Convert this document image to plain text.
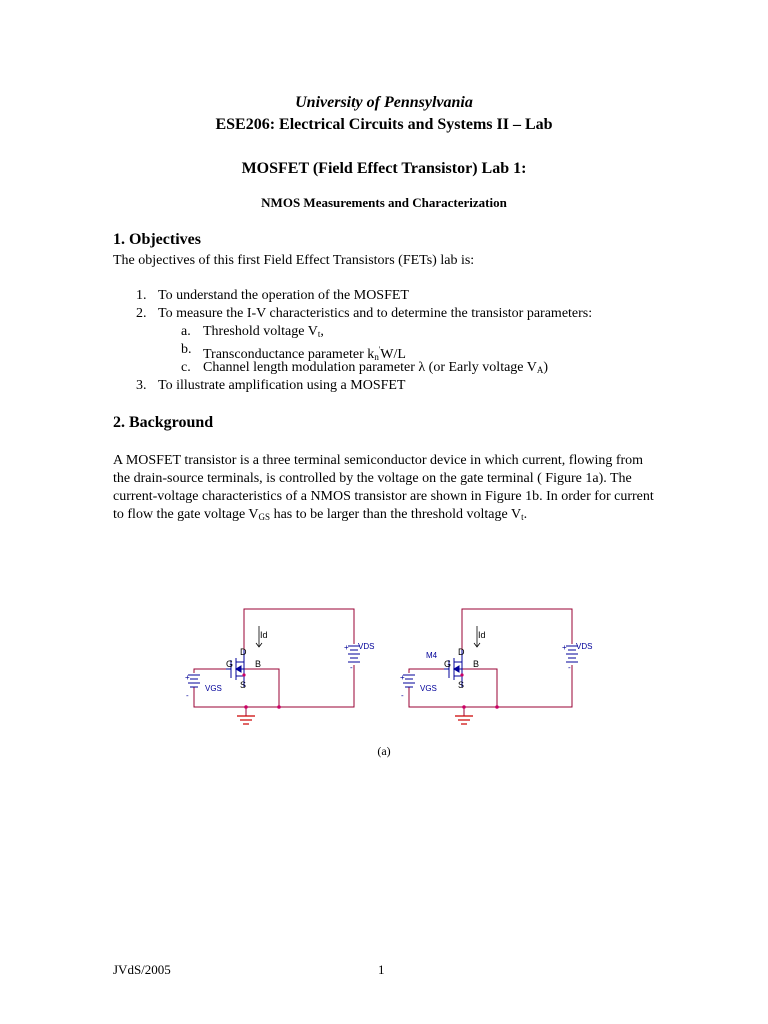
University of Pennsylvania
ESE206: Electrical Circuits and Systems II – Lab
MOSFET (Field Effect Transistor) Lab 1:
NMOS Measurements and Characterization
1. Objectives
The objectives of this first Field Effect Transistors (FETs) lab is:
1. To understand the operation of the MOSFET
2. To measure the I-V characteristics and to determine the transistor parameters:
a. Threshold voltage $V_t$,
b. Transconductance parameter $k_n'W/L$
c. Channel length modulation parameter λ (or Early voltage $V_A$)
3. To illustrate amplification using a MOSFET
2. Background
A MOSFET transistor is a three terminal semiconductor device in which current, flowing from the drain-source terminals, is controlled by the voltage on the gate terminal ( Figure 1a). The current-voltage characteristics of a NMOS transistor are shown in Figure 1b. In order for current to flow the gate voltage $V_{GS}$ has to be larger than the threshold voltage $V_t$.
Id
D
G B
S
VGS
VDS
+
-
+
-
Id
M4 D
G B
S
VGS
VDS
+
-
+
-
(a)
JVdS/2005	1
